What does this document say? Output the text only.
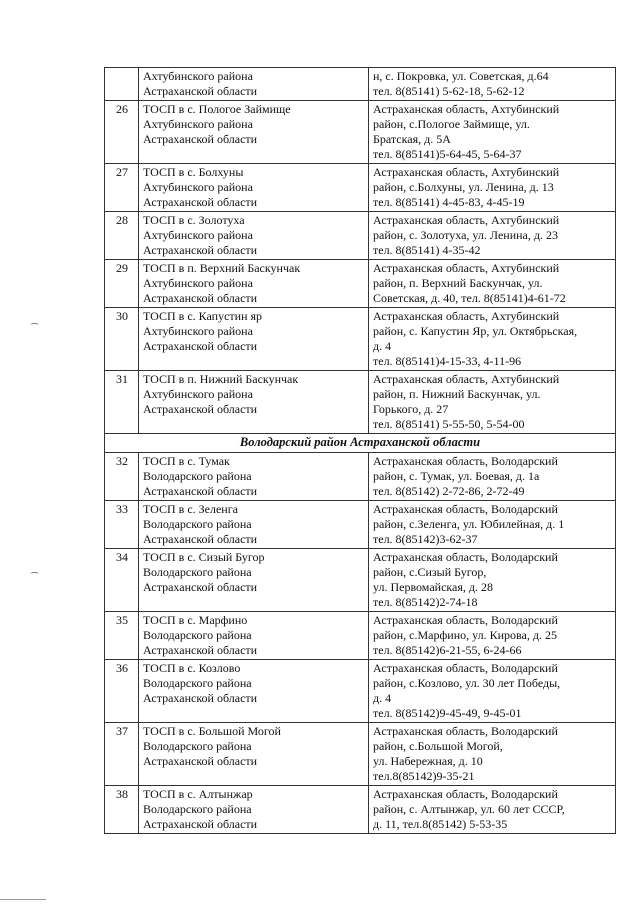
	Ахтубинского района
Астраханской области	н, с. Покровка, ул. Советская, д.64
тел. 8(85141) 5-62-18, 5-62-12

26	ТОСП в с. Пологое Займище
Ахтубинского района
Астраханской области	Астраханская область, Ахтубинский
район, с.Пологое Займище, ул.
Братская, д. 5А
тел. 8(85141)5-64-45, 5-64-37

27	ТОСП в с. Болхуны
Ахтубинского района
Астраханской области	Астраханская область, Ахтубинский
район, с.Болхуны, ул. Ленина, д. 13
тел. 8(85141) 4-45-83, 4-45-19

28	ТОСП в с. Золотуха
Ахтубинского района
Астраханской области	Астраханская область, Ахтубинский
район, с. Золотуха, ул. Ленина, д. 23
тел. 8(85141) 4-35-42

29	ТОСП в п. Верхний Баскунчак
Ахтубинского района
Астраханской области	Астраханская область, Ахтубинский
район, п. Верхний Баскунчак, ул.
Советская, д. 40, тел. 8(85141)4-61-72

30	ТОСП в с. Капустин яр
Ахтубинского района
Астраханской области	Астраханская область, Ахтубинский
район, с. Капустин Яр, ул. Октябрьская,
д. 4
тел. 8(85141)4-15-33, 4-11-96

31	ТОСП в п. Нижний Баскунчак
Ахтубинского района
Астраханской области	Астраханская область, Ахтубинский
район, п. Нижний Баскунчак, ул.
Горького, д. 27
тел. 8(85141) 5-55-50, 5-54-00

Володарский район Астраханской области		
32	ТОСП в с. Тумак
Володарского района
Астраханской области	Астраханская область, Володарский
район, с. Тумак, ул. Боевая, д. 1а
тел. 8(85142) 2-72-86, 2-72-49

33	ТОСП в с. Зеленга
Володарского района
Астраханской области	Астраханская область, Володарский
район, с.Зеленга, ул. Юбилейная, д. 1
тел. 8(85142)3-62-37

34	ТОСП в с. Сизый Бугор
Володарского района
Астраханской области	Астраханская область, Володарский
район, с.Сизый Бугор,
ул. Первомайская, д. 28
тел. 8(85142)2-74-18

35	ТОСП в с. Марфино
Володарского района
Астраханской области	Астраханская область, Володарский
район, с.Марфино, ул. Кирова, д. 25
тел. 8(85142)6-21-55, 6-24-66

36	ТОСП в с. Козлово
Володарского района
Астраханской области	Астраханская область, Володарский
район, с.Козлово, ул. 30 лет Победы,
д. 4
тел. 8(85142)9-45-49, 9-45-01

37	ТОСП в с. Большой Могой
Володарского района
Астраханской области	Астраханская область, Володарский
район, с.Большой Могой,
ул. Набережная, д. 10
тел.8(85142)9-35-21

38	ТОСП в с. Алтынжар
Володарского района
Астраханской области	Астраханская область, Володарский
район, с. Алтынжар, ул. 60 лет СССР,
д. 11, тел.8(85142) 5-53-35
